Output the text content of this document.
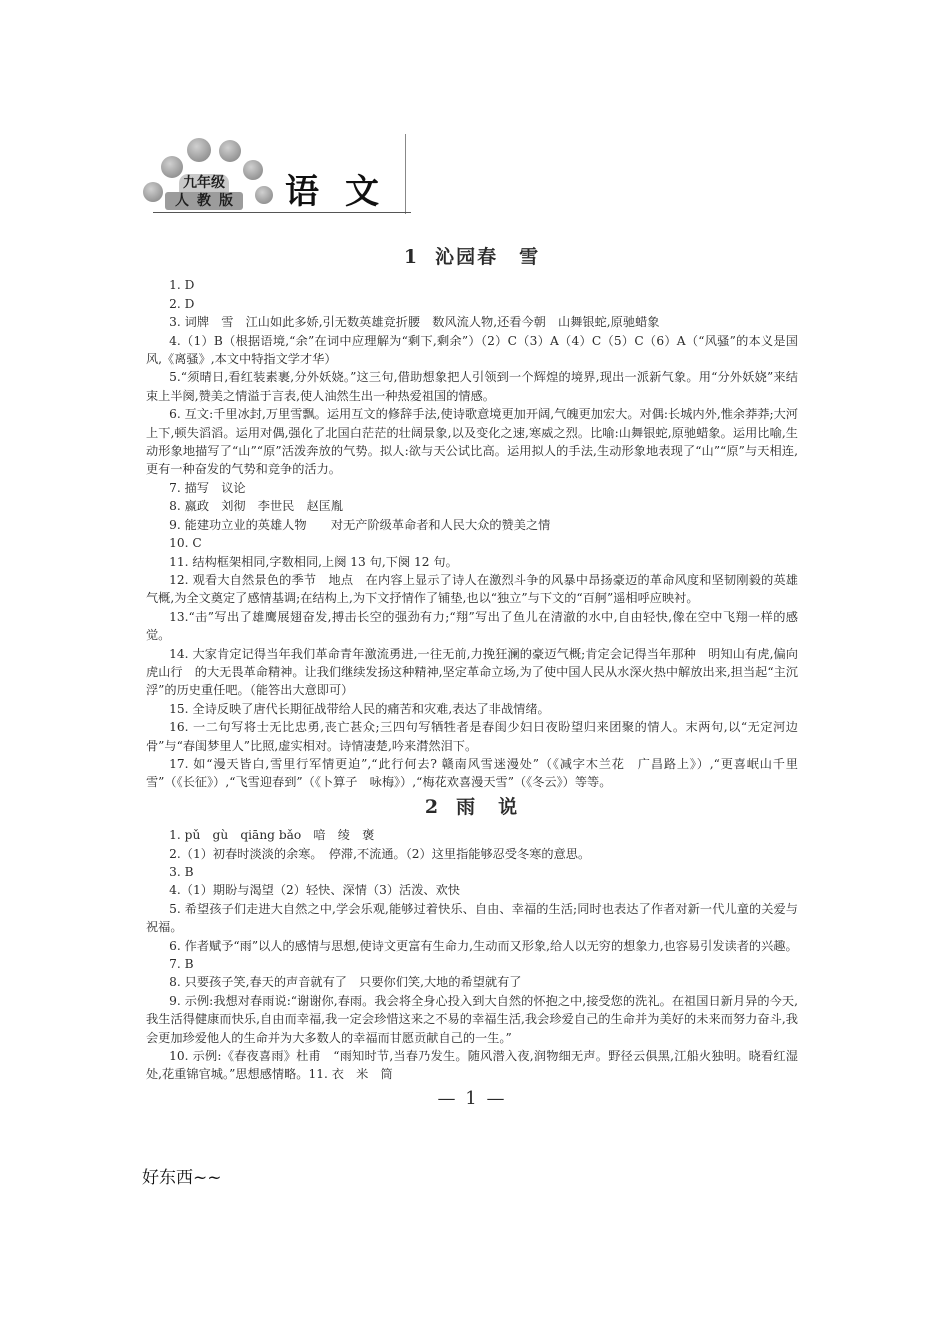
九年级
人教版 语文
1 沁园春　雪

1. D

2. D

3. 词牌　雪　江山如此多娇,引无数英雄竞折腰　数风流人物,还看今朝　山舞银蛇,原驰蜡象

4.（1）B（根据语境,“余”在词中应理解为“剩下,剩余”）（2）C（3）A（4）C（5）C（6）A（“风骚”的本义是国风,《离骚》,本文中特指文学才华）

5.“须晴日,看红装素裹,分外妖娆。”这三句,借助想象把人引领到一个辉煌的境界,现出一派新气象。用“分外妖娆”来结束上半阕,赞美之情溢于言表,使人油然生出一种热爱祖国的情感。

6. 互文:千里冰封,万里雪飘。运用互文的修辞手法,使诗歌意境更加开阔,气魄更加宏大。对偶:长城内外,惟余莽莽;大河上下,顿失滔滔。运用对偶,强化了北国白茫茫的壮阔景象,以及变化之速,寒威之烈。比喻:山舞银蛇,原驰蜡象。运用比喻,生动形象地描写了“山”“原”活泼奔放的气势。拟人:欲与天公试比高。运用拟人的手法,生动形象地表现了“山”“原”与天相连,更有一种奋发的气势和竞争的活力。

7. 描写　议论

8. 嬴政　刘彻　李世民　赵匡胤

9. 能建功立业的英雄人物　　对无产阶级革命者和人民大众的赞美之情

10. C

11. 结构框架相同,字数相同,上阕 13 句,下阕 12 句。

12. 观看大自然景色的季节　地点　在内容上显示了诗人在激烈斗争的风暴中昂扬豪迈的革命风度和坚韧刚毅的英雄气概,为全文奠定了感情基调;在结构上,为下文抒情作了铺垫,也以“独立”与下文的“百舸”遥相呼应映衬。

13.“击”写出了雄鹰展翅奋发,搏击长空的强劲有力;“翔”写出了鱼儿在清澈的水中,自由轻快,像在空中飞翔一样的感觉。

14. 大家肯定记得当年我们革命青年激流勇进,一往无前,力挽狂澜的豪迈气概;肯定会记得当年那种　明知山有虎,偏向虎山行　的大无畏革命精神。让我们继续发扬这种精神,坚定革命立场,为了使中国人民从水深火热中解放出来,担当起“主沉浮”的历史重任吧。（能答出大意即可）

15. 全诗反映了唐代长期征战带给人民的痛苦和灾难,表达了非战情绪。

16. 一二句写将士无比忠勇,丧亡甚众;三四句写牺牲者是春闺少妇日夜盼望归来团聚的情人。末两句,以“无定河边骨”与“春闺梦里人”比照,虚实相对。诗情凄楚,吟来潸然泪下。

17. 如“漫天皆白,雪里行军情更迫”,“此行何去? 赣南风雪迷漫处”（《减字木兰花　广昌路上》）,“更喜岷山千里雪”（《长征》）,“飞雪迎春到”（《卜算子　咏梅》）,“梅花欢喜漫天雪”（《冬云》）等等。

2 雨　说

1. pǔ　gù　qiāng bǎo　喑　绫　褒

2.（1）初春时淡淡的余寒。　停滞,不流通。（2）这里指能够忍受冬寒的意思。

3. B

4.（1）期盼与渴望（2）轻快、深情（3）活泼、欢快

5. 希望孩子们走进大自然之中,学会乐观,能够过着快乐、自由、幸福的生活;同时也表达了作者对新一代儿童的关爱与祝福。

6. 作者赋予“雨”以人的感情与思想,使诗文更富有生命力,生动而又形象,给人以无穷的想象力,也容易引发读者的兴趣。

7. B

8. 只要孩子笑,春天的声音就有了　只要你们笑,大地的希望就有了

9. 示例:我想对春雨说:“谢谢你,春雨。我会将全身心投入到大自然的怀抱之中,接受您的洗礼。在祖国日新月异的今天,我生活得健康而快乐,自由而幸福,我一定会珍惜这来之不易的幸福生活,我会珍爱自己的生命并为美好的未来而努力奋斗,我会更加珍爱他人的生命并为大多数人的幸福而甘愿贡献自己的一生。”

10. 示例:《春夜喜雨》杜甫　“雨知时节,当春乃发生。随风潜入夜,润物细无声。野径云俱黑,江船火独明。晓看红湿处,花重锦官城。”思想感情略。11. 衣　米　筒

— 1 —
好东西~~
